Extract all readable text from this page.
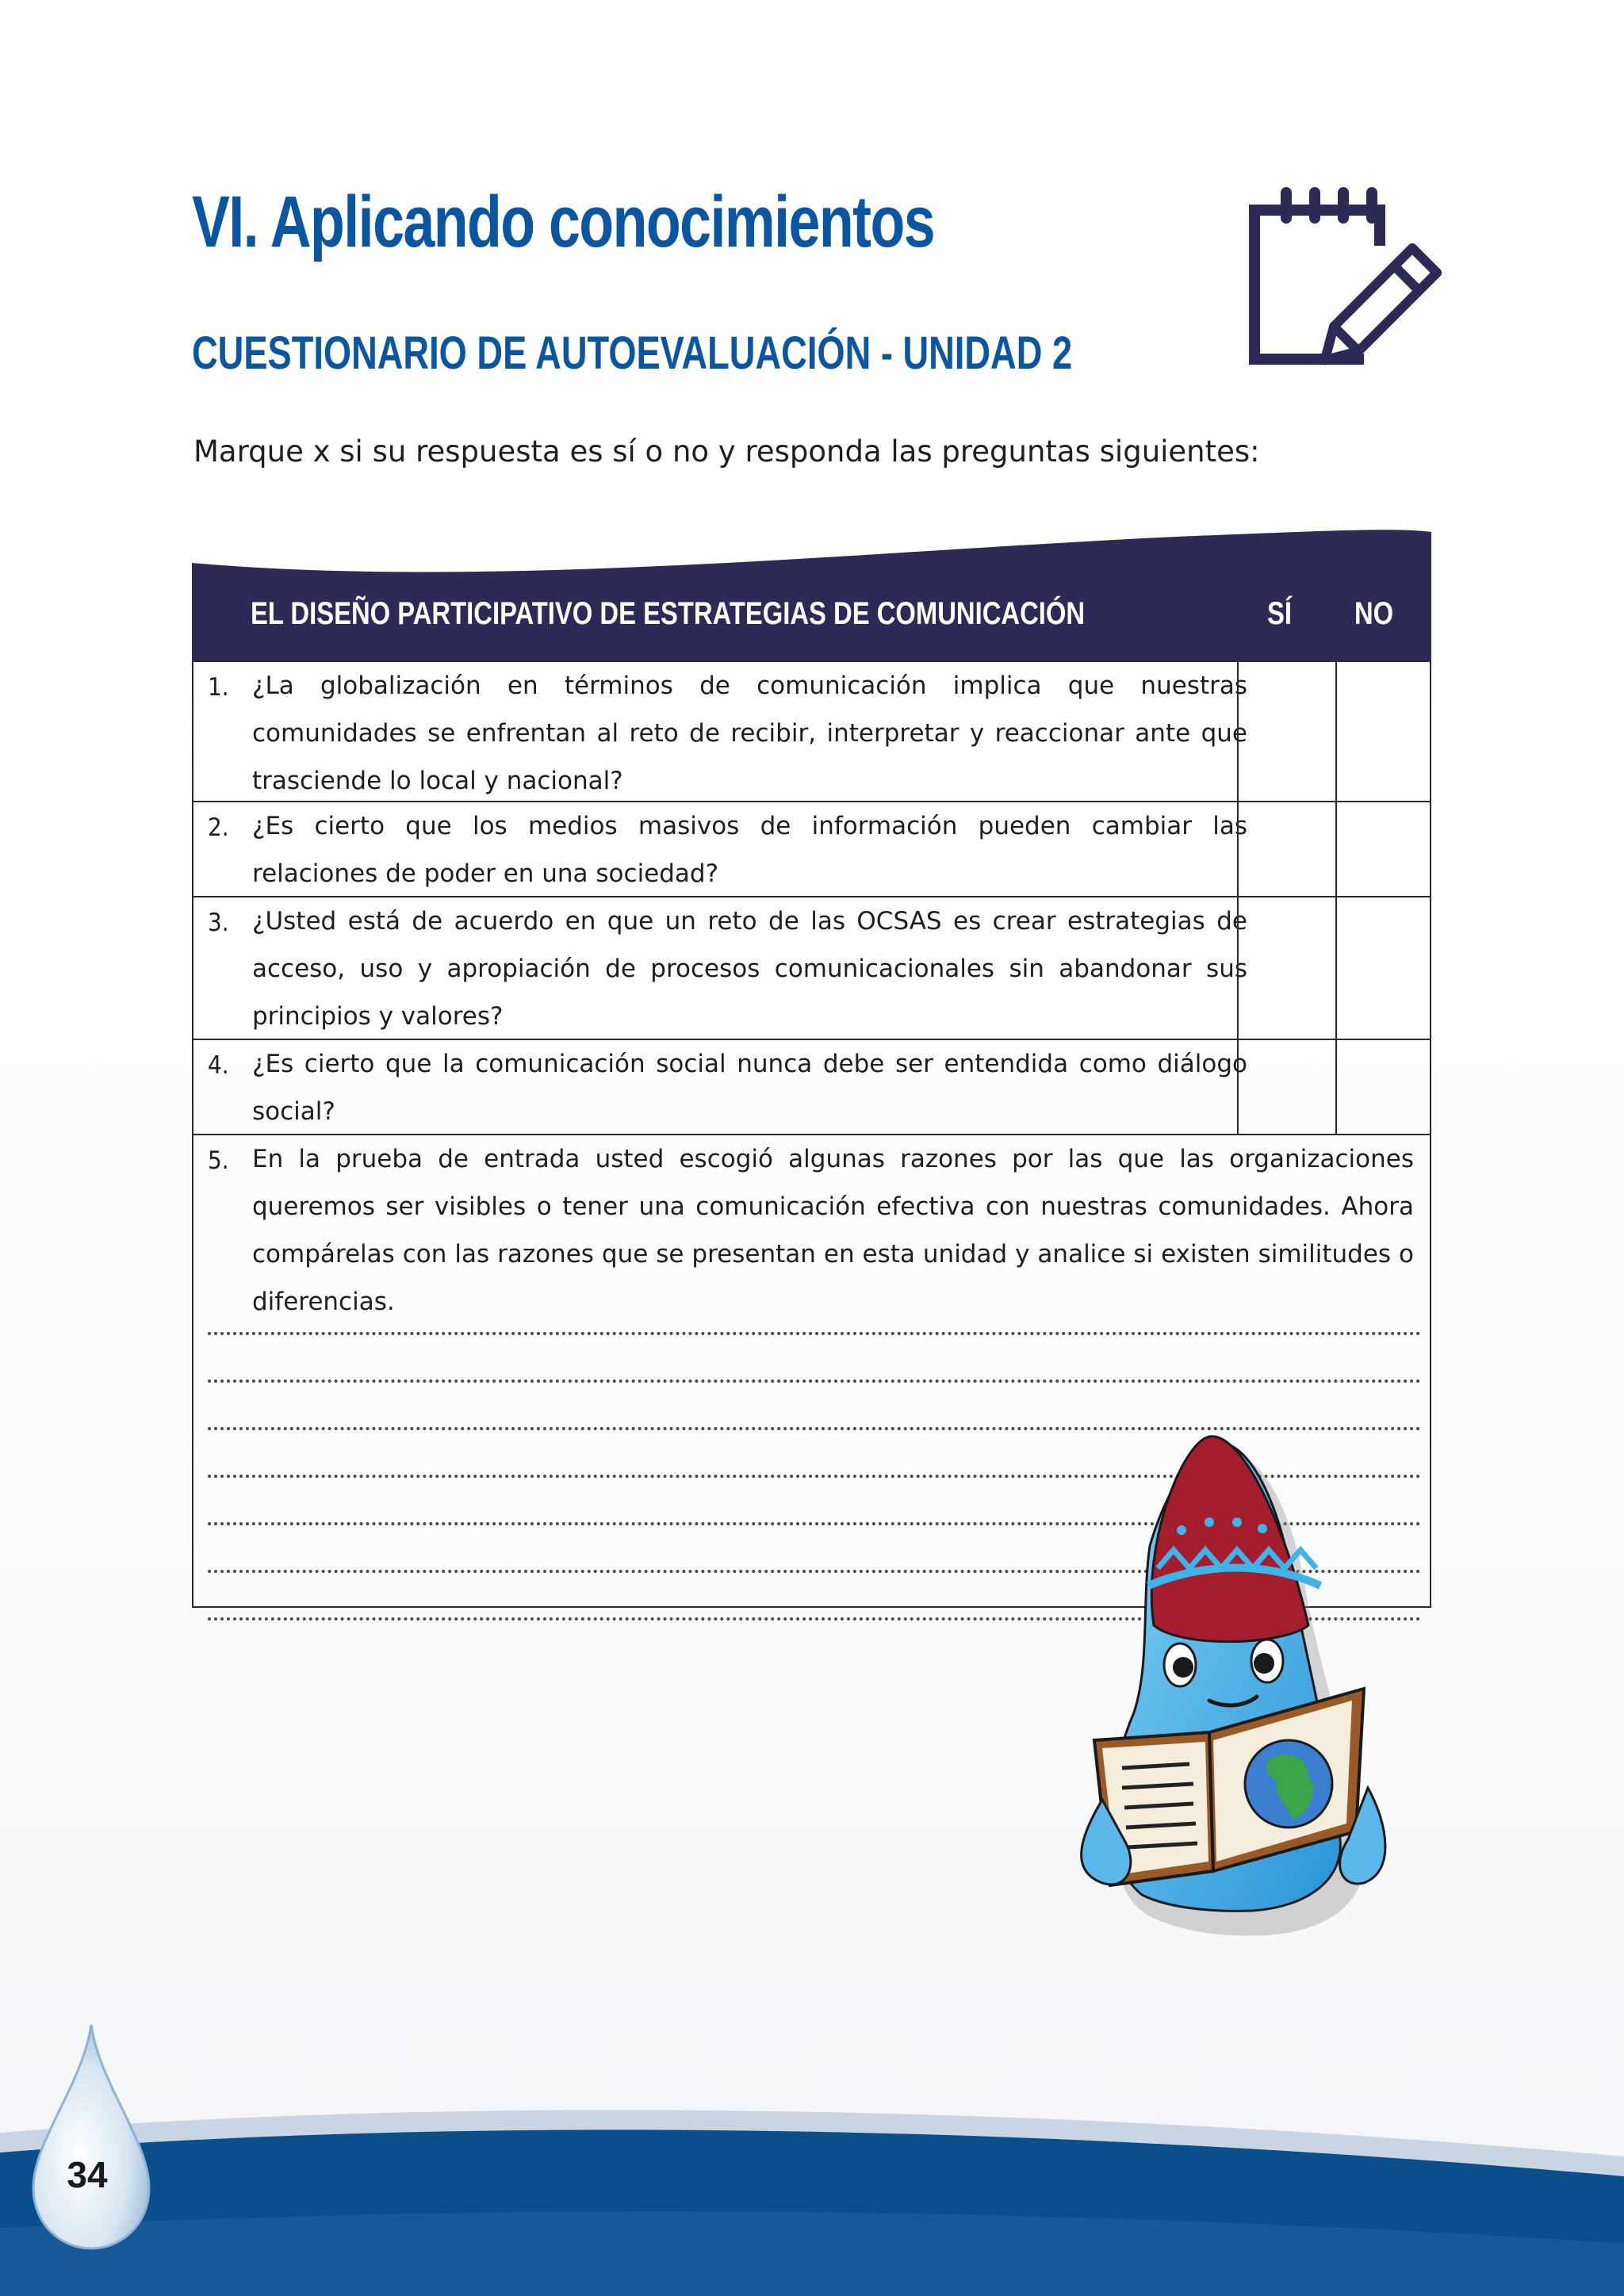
VI. Aplicando conocimientos
CUESTIONARIO DE AUTOEVALUACIÓN - UNIDAD 2
Marque x si su respuesta es sí o no y responda las preguntas siguientes:
EL DISEÑO PARTICIPATIVO DE ESTRATEGIAS DE COMUNICACIÓN	SÍ NO
1. ¿La globalización en términos de comunicación implica que nuestras comunidades se enfrentan al reto de recibir, interpretar y reaccionar ante que trasciende lo local y nacional?
2. ¿Es cierto que los medios masivos de información pueden cambiar las relaciones de poder en una sociedad?
3. ¿Usted está de acuerdo en que un reto de las OCSAS es crear estrategias de acceso, uso y apropiación de procesos comunicacionales sin abandonar sus principios y valores?
4. ¿Es cierto que la comunicación social nunca debe ser entendida como diálogo social?
5. En la prueba de entrada usted escogió algunas razones por las que las organizaciones queremos ser visibles o tener una comunicación efectiva con nuestras comunidades. Ahora compárelas con las razones que se presentan en esta unidad y analice si existen similitudes o diferencias.
34
